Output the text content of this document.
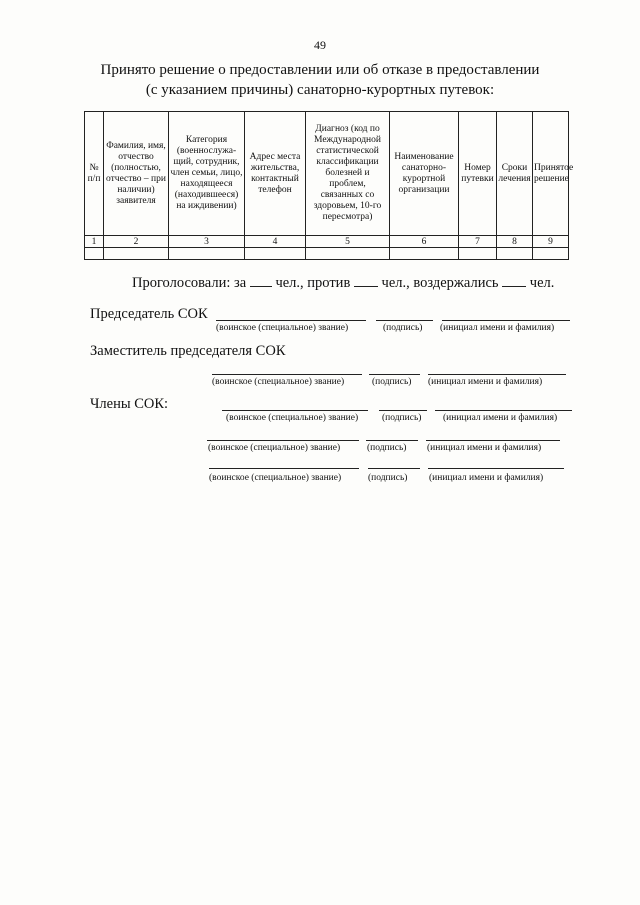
49
Принято решение о предоставлении или об отказе в предоставлении
(с указанием причины) санаторно-курортных путевок:
№ п/п	Фамилия, имя, отчество (полностью, отчество – при наличии) заявителя	Категория (военнослужа-щий, сотрудник, член семьи, лицо, находящееся (находившееся) на иждивении)	Адрес места жительства, контактный телефон	Диагноз (код по Международной статистической классификации болезней и проблем, связанных со здоровьем, 10-го пересмотра)	Наименование санаторно-курортной организации	Номер путевки	Сроки лечения	Принятое решение
1	2	3	4	5	6	7	8	9

Проголосовали: за чел., против чел., воздержались чел.
Председатель СОК
(воинское (специальное) звание)	(подпись) (инициал имени и фамилия)
Заместитель председателя СОК
(воинское (специальное) звание)	(подпись) (инициал имени и фамилия)
Члены СОК:
(воинское (специальное) звание)	(подпись) (инициал имени и фамилия)
(воинское (специальное) звание)	(подпись) (инициал имени и фамилия)
(воинское (специальное) звание)	(подпись) (инициал имени и фамилия)
